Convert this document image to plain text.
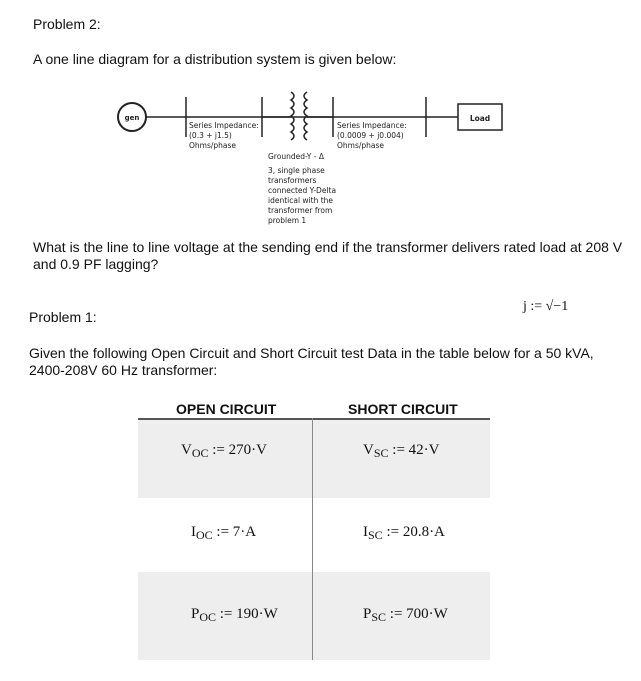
Problem 2:
A one line diagram for a distribution system is given below:
gen	Load
Series Impedance:
(0.3 + j1.5)
Ohms/phase
Series Impedance:
(0.0009 + j0.004)
Ohms/phase
Grounded-Y - Δ
3, single phase
transformers
connected Y-Delta
identical with the
transformer from
problem 1
What is the line to line voltage at the sending end if the transformer delivers rated load at 208 V
and 0.9 PF lagging?
Problem 1:
j := √−1
Given the following Open Circuit and Short Circuit test Data in the table below for a 50 kVA,
2400-208V 60 Hz transformer:
OPEN CIRCUIT	SHORT CIRCUIT
$V_{OC}$ := 270·V	$V_{SC}$ := 42·V
$I_{OC}$ := 7·A	$I_{SC}$ := 20.8·A
$P_{OC}$ := 190·W	$P_{SC}$ := 700·W
